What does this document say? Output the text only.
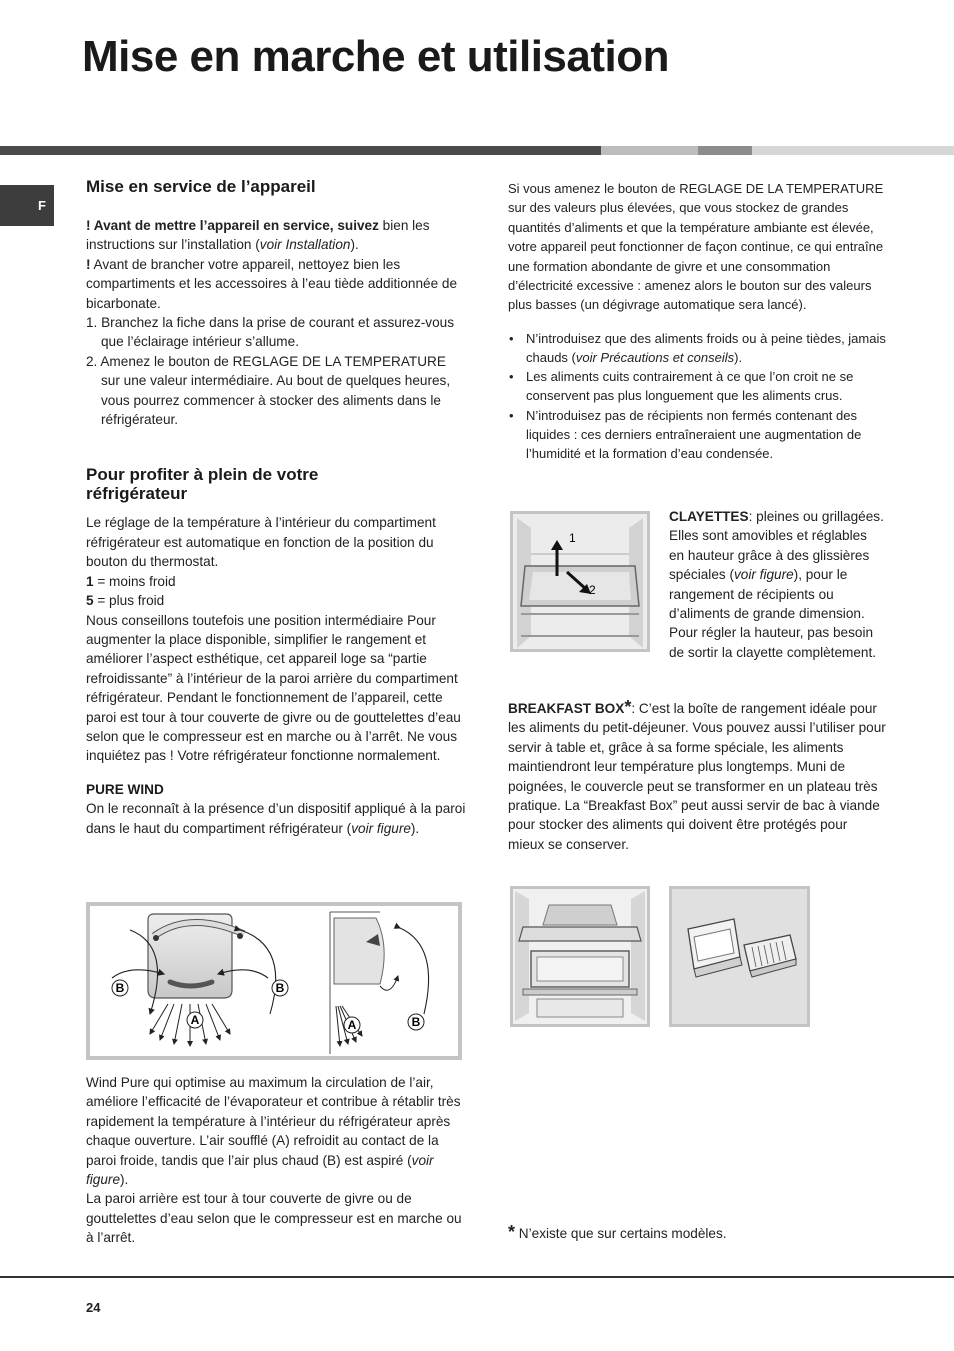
Mise en marche et utilisation
F
Mise en service de l’appareil

! Avant de mettre l’appareil en service, suivez bien les instructions sur l’installation (voir Installation).

! Avant de brancher votre appareil, nettoyez bien les compartiments et les accessoires à l’eau tiède additionnée de bicarbonate.

1. Branchez la fiche dans la prise de courant et assurez-vous que l’éclairage intérieur s’allume.
2. Amenez le bouton de REGLAGE DE LA TEMPERATURE sur une valeur intermédiaire. Au bout de quelques heures, vous pourrez commencer à stocker des aliments dans le réfrigérateur.
Pour profiter à plein de votre réfrigérateur

Le réglage de la température à l’intérieur du compartiment réfrigérateur est automatique en fonction de la position du bouton du thermostat.

1 = moins froid

5 = plus froid

Nous conseillons toutefois une position intermédiaire Pour augmenter la place disponible, simplifier le rangement et améliorer l’aspect esthétique, cet appareil loge sa “partie refroidissante” à l’intérieur de la paroi arrière du compartiment réfrigérateur. Pendant le fonctionnement de l’appareil, cette paroi est tour à tour couverte de givre ou de gouttelettes d’eau selon que le compresseur est en marche ou à l’arrêt. Ne vous inquiétez pas ! Votre réfrigérateur fonctionne normalement.

PURE WIND

On le reconnaît à la présence d’un dispositif appliqué à la paroi dans le haut du compartiment réfrigérateur (voir figure).

B	B
A	A	B

Wind Pure qui optimise au maximum la circulation de l’air, améliore l’efficacité de l’évaporateur et contribue à rétablir très rapidement la température à l’intérieur du réfrigérateur après chaque ouverture. L’air soufflé (A) refroidit au contact de la paroi froide, tandis que l’air plus chaud (B) est aspiré (voir figure).

La paroi arrière est tour à tour couverte de givre ou de gouttelettes d’eau selon que le compresseur est en marche ou à l’arrêt.

Si vous amenez le bouton de REGLAGE DE LA TEMPERATURE sur des valeurs plus élevées, que vous stockez de grandes quantités d’aliments et que la température ambiante est élevée, votre appareil peut fonctionner de façon continue, ce qui entraîne une formation abondante de givre et une consommation d’électricité excessive : amenez alors le bouton sur des valeurs plus basses (un dégivrage automatique sera lancé).

• N’introduisez que des aliments froids ou à peine tièdes, jamais chauds (voir Précautions et conseils).
• Les aliments cuits contrairement à ce que l’on croit ne se conservent pas plus longuement que les aliments crus.
• N’introduisez pas de récipients non fermés contenant des liquides : ces derniers entraîneraient une augmentation de l’humidité et la formation d’eau condensée.
1
2
CLAYETTES: pleines ou grillagées. Elles sont amovibles et réglables en hauteur grâce à des glissières spéciales (voir figure), pour le rangement de récipients ou d’aliments de grande dimension. Pour régler la hauteur, pas besoin de sortir la clayette complètement.
BREAKFAST BOX*: C’est la boîte de rangement idéale pour les aliments du petit-déjeuner. Vous pouvez aussi l’utiliser pour servir à table et, grâce à sa forme spéciale, les aliments maintiendront leur température plus longtemps. Muni de poignées, le couvercle peut se transformer en un plateau très pratique. La “Breakfast Box” peut aussi servir de bac à viande pour stocker des aliments qui doivent être protégés pour mieux se conserver.
* N’existe que sur certains modèles.
24
